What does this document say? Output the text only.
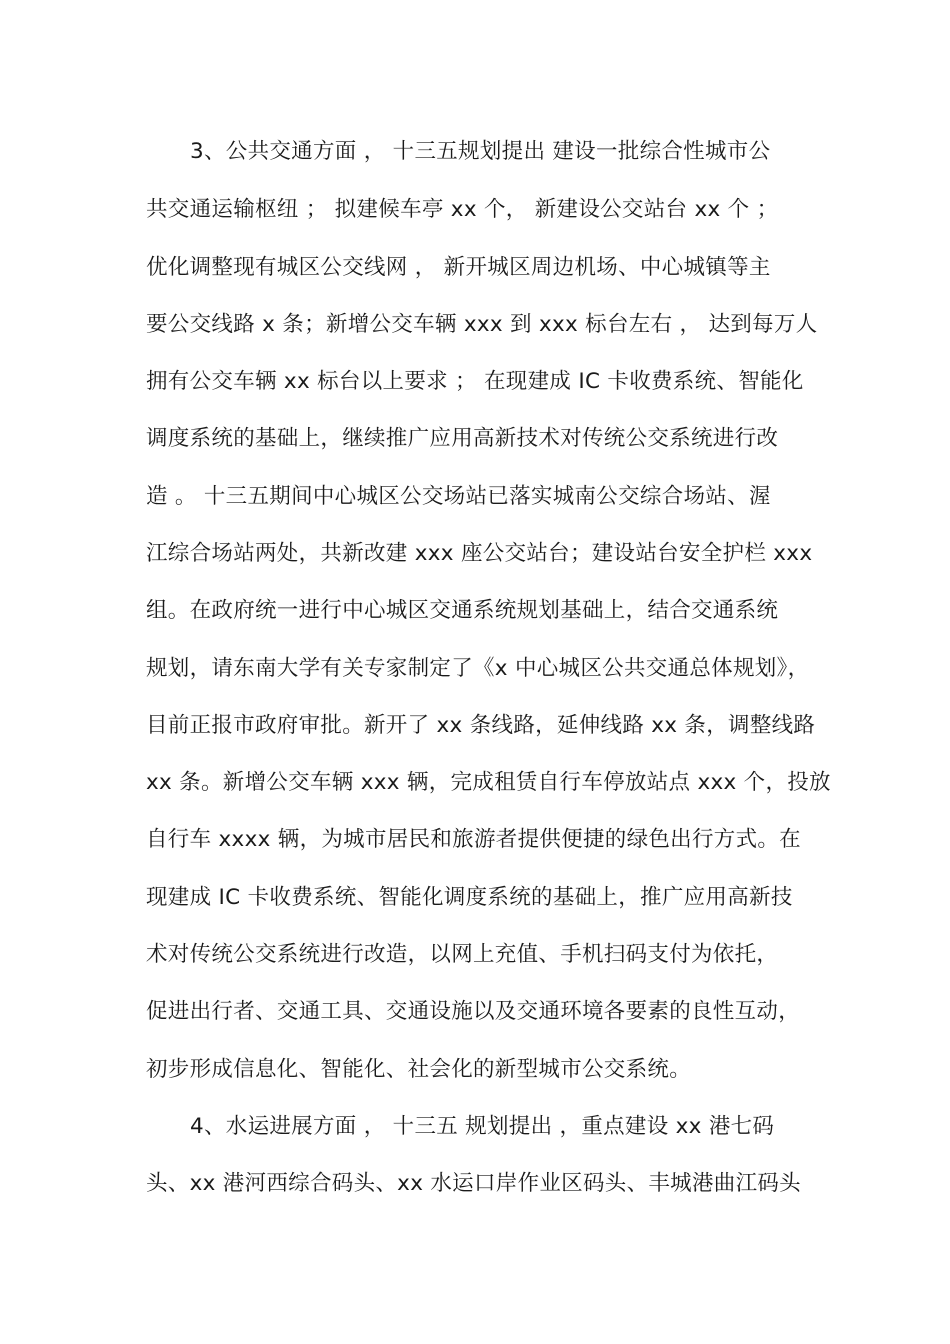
3、公共交通方面 ， 十三五规划提出 建设一批综合性城市公
共交通运输枢纽 ； 拟建候车亭 xx 个， 新建设公交站台 xx 个 ；
优化调整现有城区公交线网 ， 新开城区周边机场、中心城镇等主
要公交线路 x 条；新增公交车辆 xxx 到 xxx 标台左右 ， 达到每万人
拥有公交车辆 xx 标台以上要求 ； 在现建成 IC 卡收费系统、智能化
调度系统的基础上，继续推广应用高新技术对传统公交系统进行改
造 。 十三五期间中心城区公交场站已落实城南公交综合场站、渥
江综合场站两处，共新改建 xxx 座公交站台；建设站台安全护栏 xxx
组。在政府统一进行中心城区交通系统规划基础上，结合交通系统
规划，请东南大学有关专家制定了《x 中心城区公共交通总体规划》，
目前正报市政府审批。新开了 xx 条线路，延伸线路 xx 条，调整线路
xx 条。新增公交车辆 xxx 辆，完成租赁自行车停放站点 xxx 个，投放
自行车 xxxx 辆，为城市居民和旅游者提供便捷的绿色出行方式。在
现建成 IC 卡收费系统、智能化调度系统的基础上，推广应用高新技
术对传统公交系统进行改造，以网上充值、手机扫码支付为依托，
促进出行者、交通工具、交通设施以及交通环境各要素的良性互动，
初步形成信息化、智能化、社会化的新型城市公交系统。
4、水运进展方面 ， 十三五 规划提出 ，重点建设 xx 港七码
头、xx 港河西综合码头、xx 水运口岸作业区码头、丰城港曲江码头
